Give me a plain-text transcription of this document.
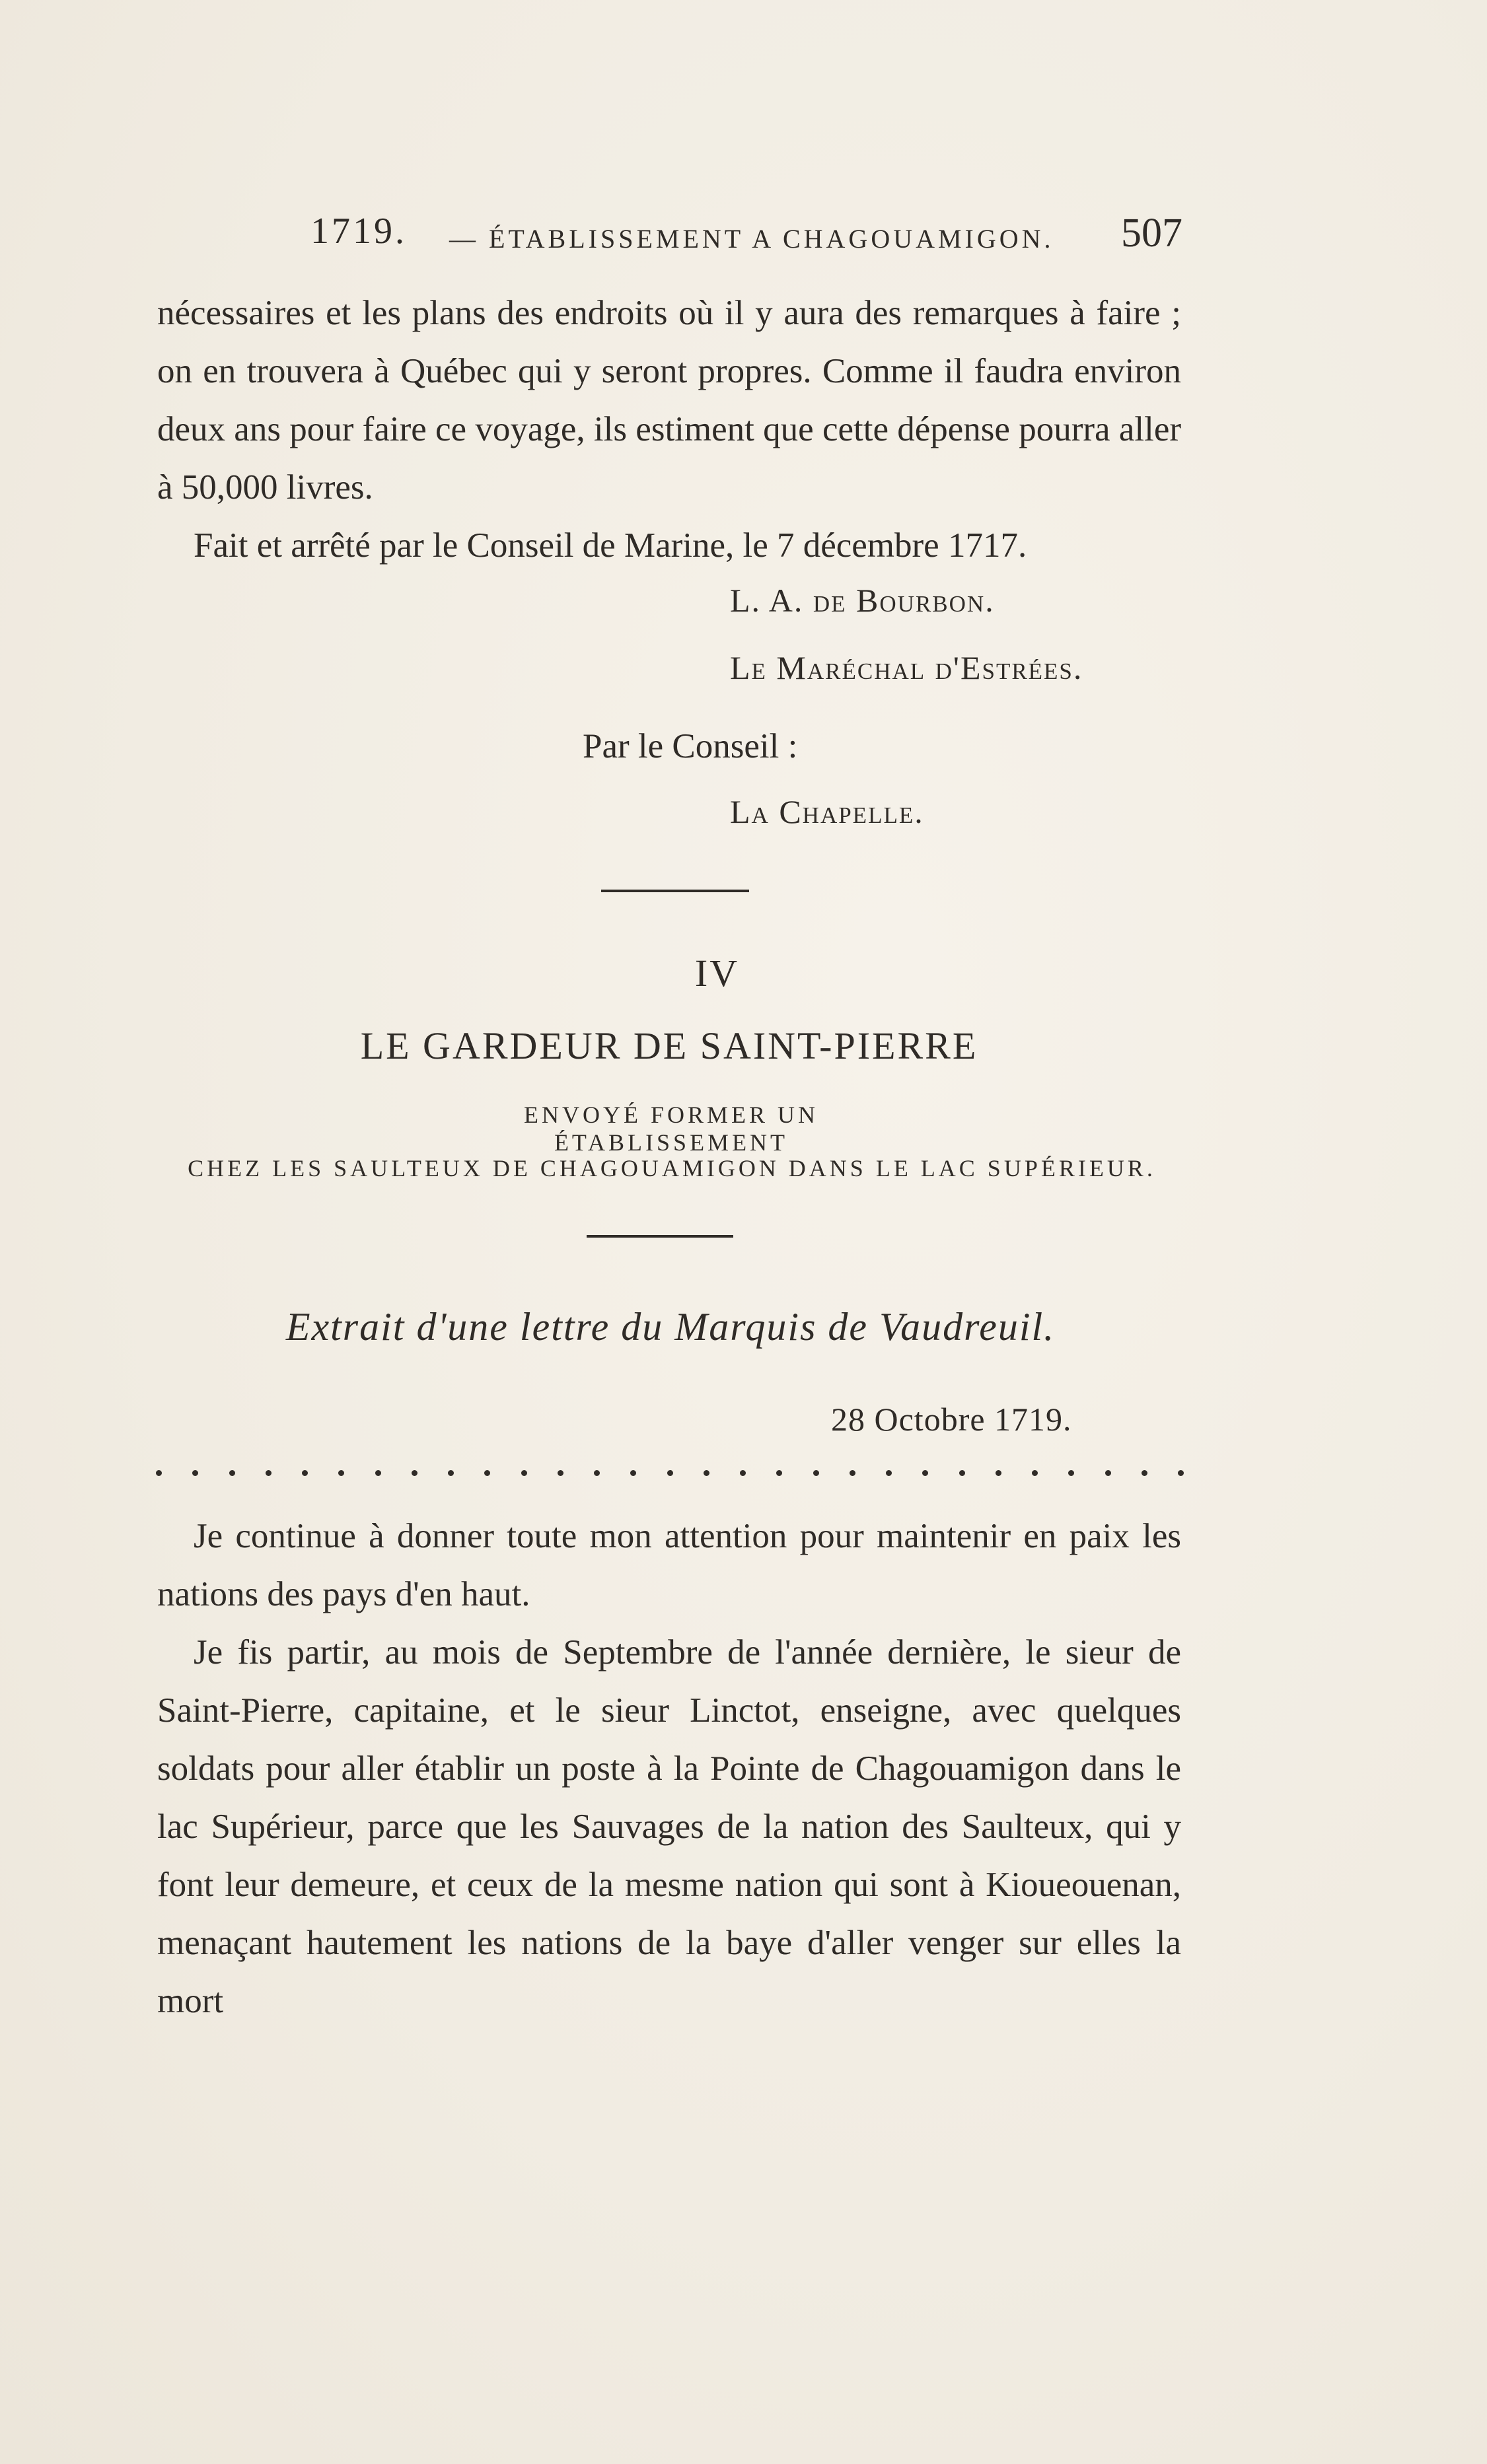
1719. — ÉTABLISSEMENT A CHAGOUAMIGON. 507

nécessaires et les plans des endroits où il y aura des remarques à faire ; on en trouvera à Québec qui y seront propres. Comme il faudra environ deux ans pour faire ce voyage, ils estiment que cette dépense pourra aller à 50,000 livres.

Fait et arrêté par le Conseil de Marine, le 7 décembre 1717.

L. A. de Bourbon.
Le Maréchal d'Estrées.
Par le Conseil :
La Chapelle.
IV
LE GARDEUR DE SAINT-PIERRE
ENVOYÉ FORMER UN ÉTABLISSEMENT
CHEZ LES SAULTEUX DE CHAGOUAMIGON DANS LE LAC SUPÉRIEUR.
Extrait d'une lettre du Marquis de Vaudreuil.
28 Octobre 1719.

Je continue à donner toute mon attention pour maintenir en paix les nations des pays d'en haut.

Je fis partir, au mois de Septembre de l'année dernière, le sieur de Saint-Pierre, capitaine, et le sieur Linctot, enseigne, avec quelques soldats pour aller établir un poste à la Pointe de Chagouamigon dans le lac Supérieur, parce que les Sauvages de la nation des Saulteux, qui y font leur demeure, et ceux de la mesme nation qui sont à Kioueouenan, menaçant hautement les nations de la baye d'aller venger sur elles la mort
